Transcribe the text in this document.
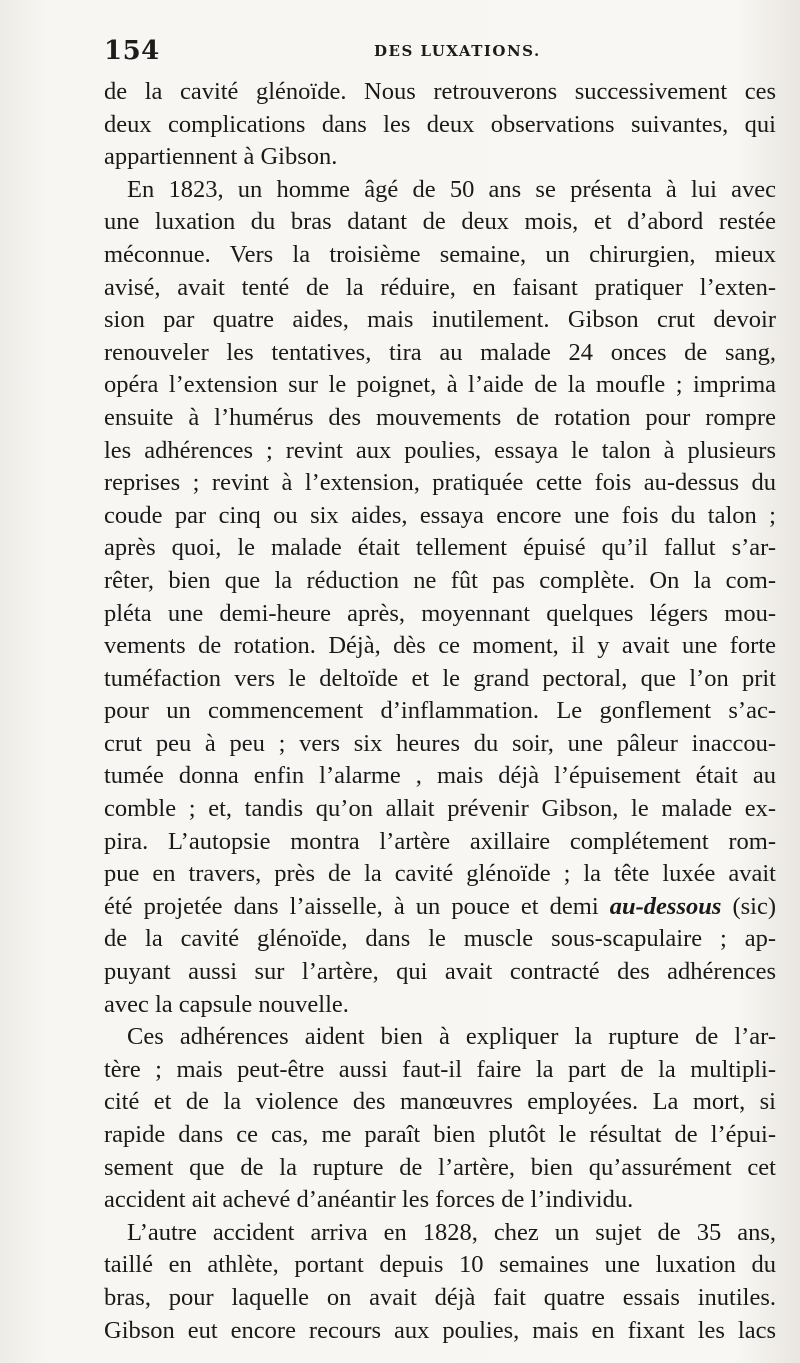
154	DES LUXATIONS.
de la cavité glénoïde. Nous retrouverons successivement ces
deux complications dans les deux observations suivantes, qui
appartiennent à Gibson.
En 1823, un homme âgé de 50 ans se présenta à lui avec
une luxation du bras datant de deux mois, et d’abord restée
méconnue. Vers la troisième semaine, un chirurgien, mieux
avisé, avait tenté de la réduire, en faisant pratiquer l’exten-
sion par quatre aides, mais inutilement. Gibson crut devoir
renouveler les tentatives, tira au malade 24 onces de sang,
opéra l’extension sur le poignet, à l’aide de la moufle ; imprima
ensuite à l’humérus des mouvements de rotation pour rompre
les adhérences ; revint aux poulies, essaya le talon à plusieurs
reprises ; revint à l’extension, pratiquée cette fois au-dessus du
coude par cinq ou six aides, essaya encore une fois du talon ;
après quoi, le malade était tellement épuisé qu’il fallut s’ar-
rêter, bien que la réduction ne fût pas complète. On la com-
pléta une demi-heure après, moyennant quelques légers mou-
vements de rotation. Déjà, dès ce moment, il y avait une forte
tuméfaction vers le deltoïde et le grand pectoral, que l’on prit
pour un commencement d’inflammation. Le gonflement s’ac-
crut peu à peu ; vers six heures du soir, une pâleur inaccou-
tumée donna enfin l’alarme , mais déjà l’épuisement était au
comble ; et, tandis qu’on allait prévenir Gibson, le malade ex-
pira. L’autopsie montra l’artère axillaire complétement rom-
pue en travers, près de la cavité glénoïde ; la tête luxée avait
été projetée dans l’aisselle, à un pouce et demi au-dessous (sic)
de la cavité glénoïde, dans le muscle sous-scapulaire ; ap-
puyant aussi sur l’artère, qui avait contracté des adhérences
avec la capsule nouvelle.
Ces adhérences aident bien à expliquer la rupture de l’ar-
tère ; mais peut-être aussi faut-il faire la part de la multipli-
cité et de la violence des manœuvres employées. La mort, si
rapide dans ce cas, me paraît bien plutôt le résultat de l’épui-
sement que de la rupture de l’artère, bien qu’assurément cet
accident ait achevé d’anéantir les forces de l’individu.
L’autre accident arriva en 1828, chez un sujet de 35 ans,
taillé en athlète, portant depuis 10 semaines une luxation du
bras, pour laquelle on avait déjà fait quatre essais inutiles.
Gibson eut encore recours aux poulies, mais en fixant les lacs
